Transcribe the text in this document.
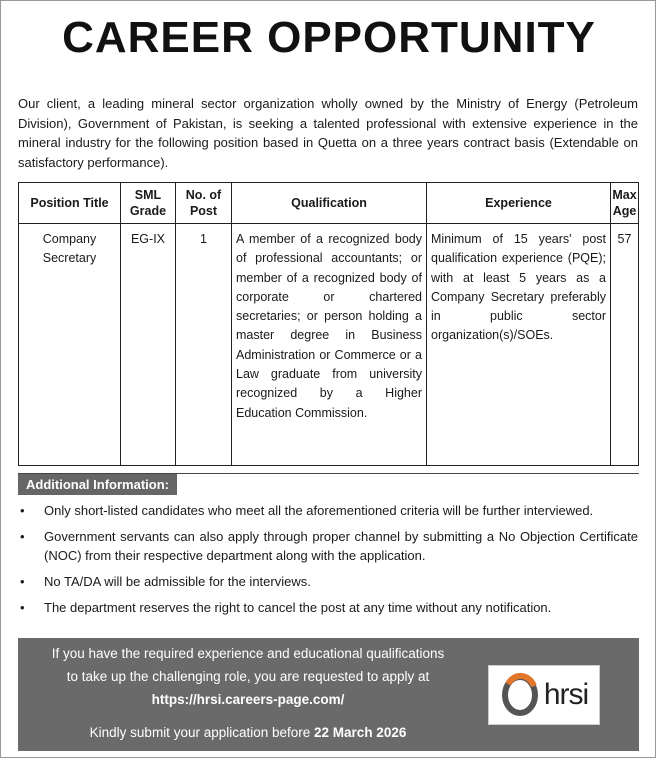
CAREER OPPORTUNITY
Our client, a leading mineral sector organization wholly owned by the Ministry of Energy (Petroleum Division), Government of Pakistan, is seeking a talented professional with extensive experience in the mineral industry for the following position based in Quetta on a three years contract basis (Extendable on satisfactory performance).
Position Title	SML Grade	No. of Post	Qualification	Experience	Max Age
Company Secretary	EG-IX	1	A member of a recognized body of professional accountants; or member of a recognized body of corporate or chartered secretaries; or person holding a master degree in Business Administration or Commerce or a Law graduate from university recognized by a Higher Education Commission.	Minimum of 15 years' post qualification experience (PQE); with at least 5 years as a Company Secretary preferably in public sector organization(s)/SOEs.	57
Additional Information:
• Only short-listed candidates who meet all the aforementioned criteria will be further interviewed.
• Government servants can also apply through proper channel by submitting a No Objection Certificate (NOC) from their respective department along with the application.
• No TA/DA will be admissible for the interviews.
• The department reserves the right to cancel the post at any time without any notification.
If you have the required experience and educational qualifications
to take up the challenging role, you are requested to apply at
https://hrsi.careers-page.com/
Kindly submit your application before 22 March 2026
hrsi
